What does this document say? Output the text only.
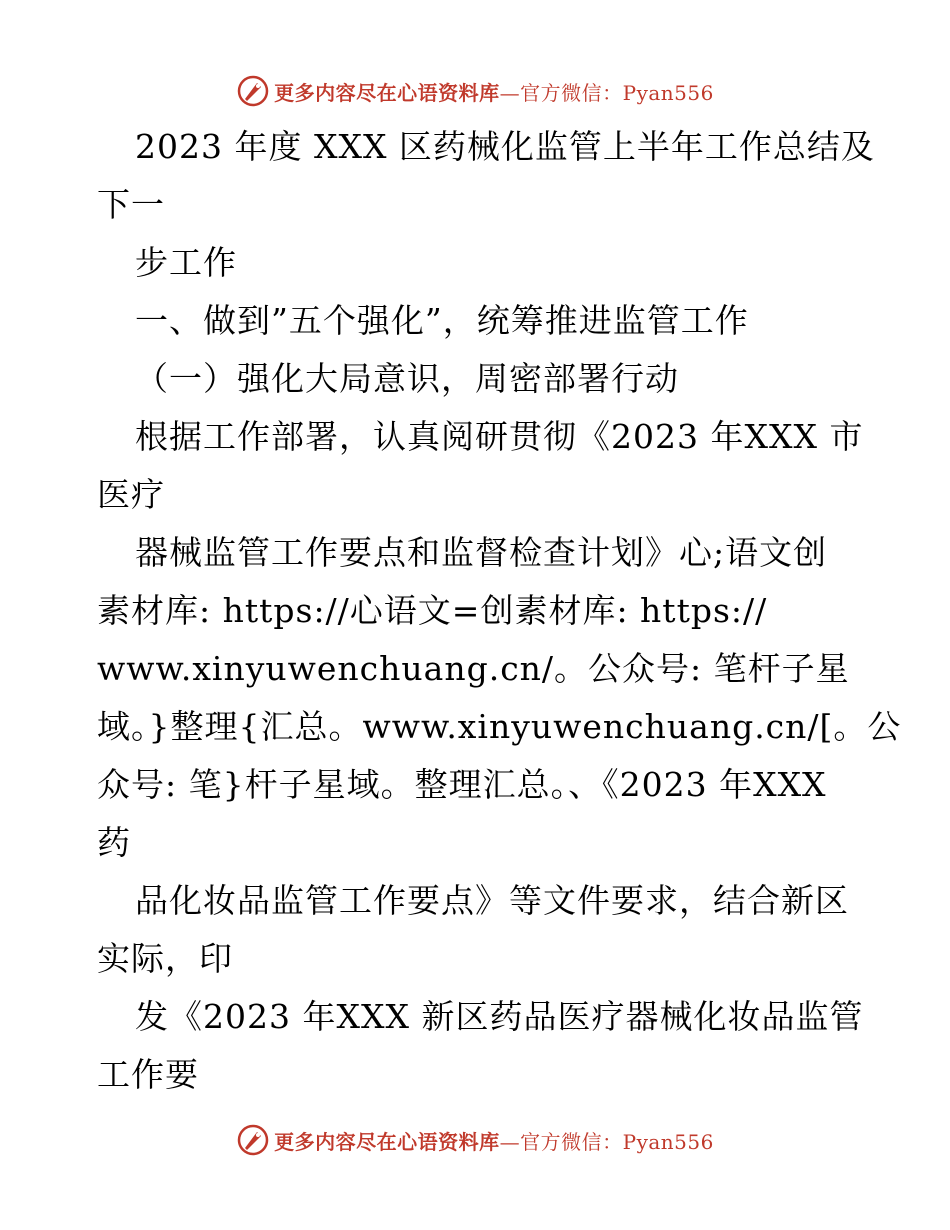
更多内容尽在心语资料库—官方微信：Pyan556
2023 年度 XXX 区药械化监管上半年工作总结及
下一
步工作
一、做到”五个强化”，统筹推进监管工作
（一）强化大局意识，周密部署行动
根据工作部署，认真阅研贯彻《2023 年XXX 市
医疗
器械监管工作要点和监督检查计划》心;语文创
素材库: https://心语文=创素材库: https://
www.xinyuwenchuang.cn/。公众号: 笔杆子星
域。}整理{汇总。www.xinyuwenchuang.cn/[。公
众号: 笔}杆子星域。整理汇总。、《2023 年XXX
药
品化妆品监管工作要点》等文件要求，结合新区
实际，印
发《2023 年XXX 新区药品医疗器械化妆品监管
工作要
更多内容尽在心语资料库—官方微信：Pyan556
